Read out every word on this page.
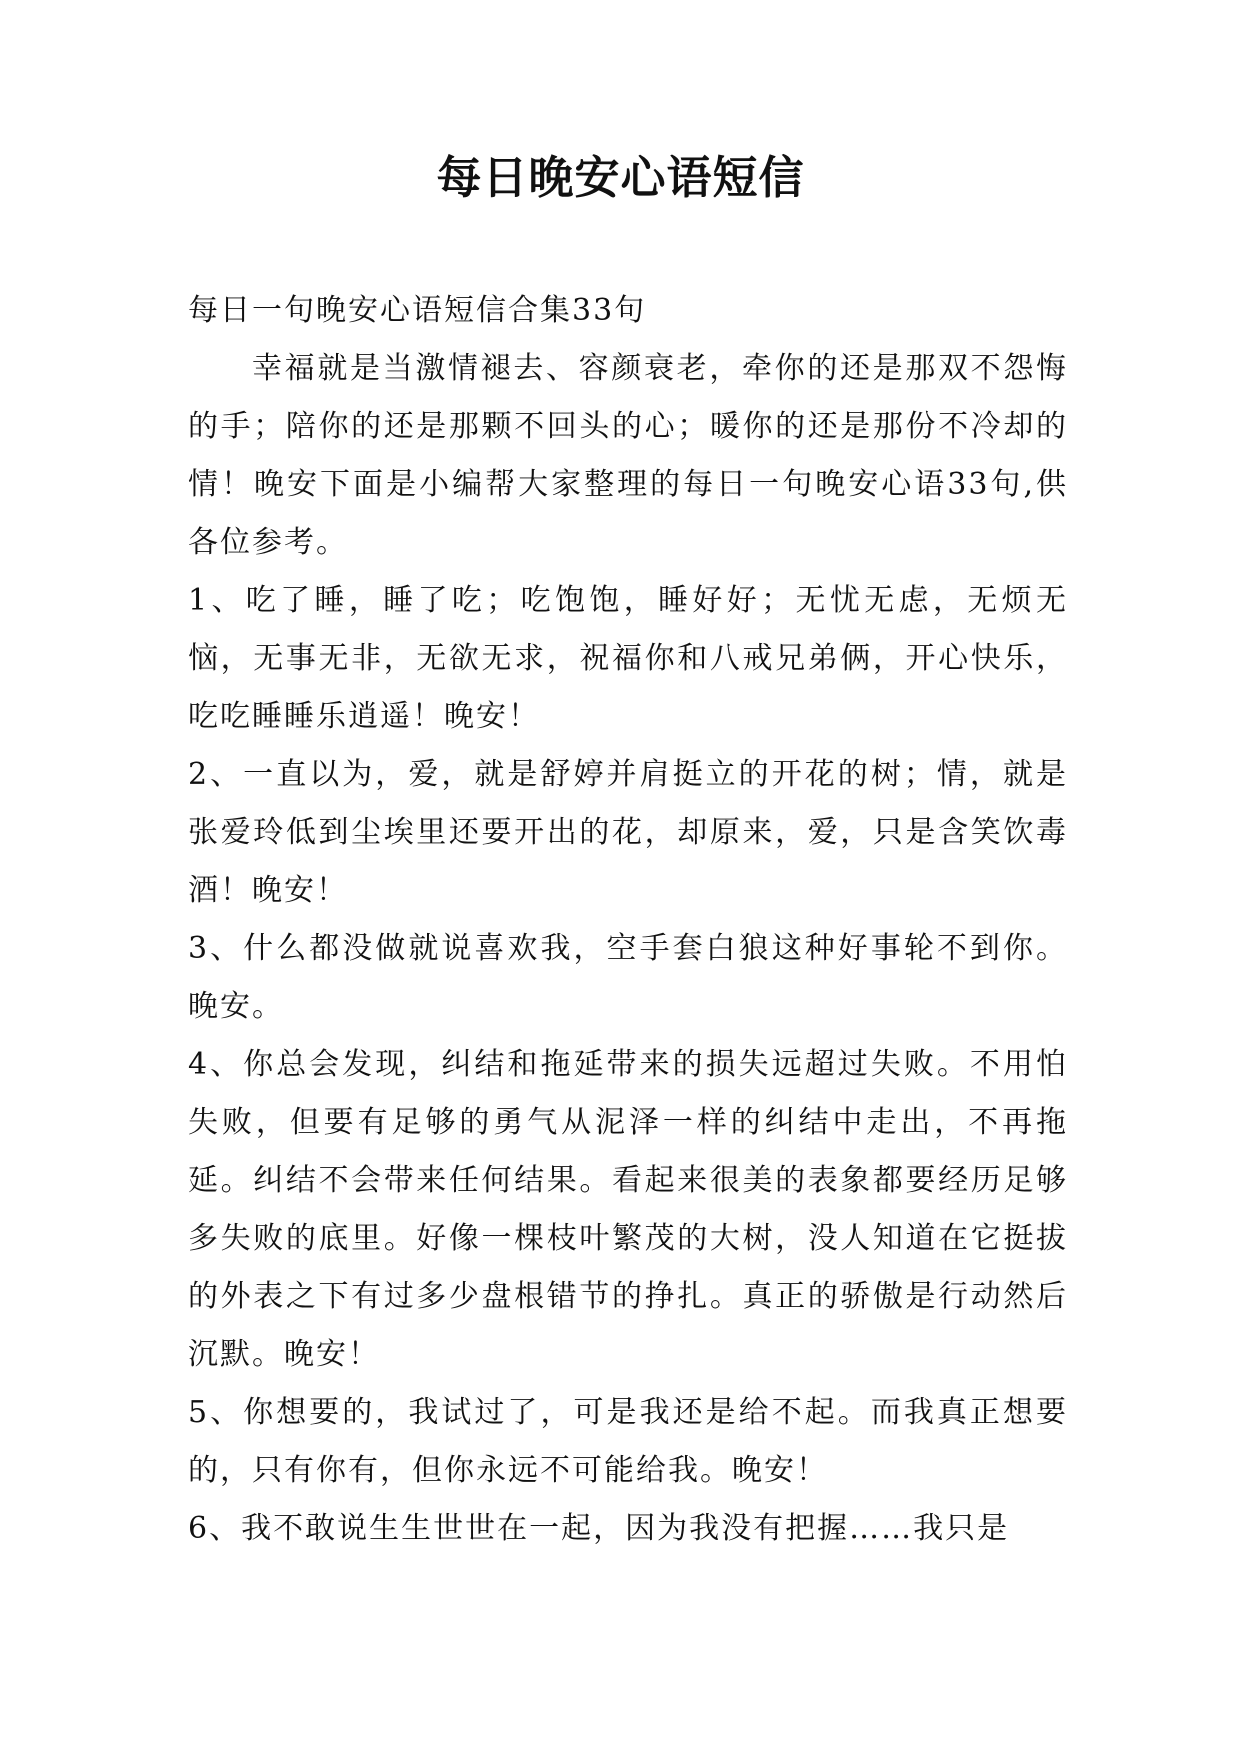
每日晚安心语短信

每日一句晚安心语短信合集33句

幸福就是当激情褪去、容颜衰老，牵你的还是那双不怨悔的手；陪你的还是那颗不回头的心；暖你的还是那份不冷却的情！晚安下面是小编帮大家整理的每日一句晚安心语33句,供各位参考。

1、吃了睡，睡了吃；吃饱饱，睡好好；无忧无虑，无烦无恼，无事无非，无欲无求，祝福你和八戒兄弟俩，开心快乐，吃吃睡睡乐逍遥！晚安！

2、一直以为，爱，就是舒婷并肩挺立的开花的树；情，就是张爱玲低到尘埃里还要开出的花，却原来，爱，只是含笑饮毒酒！晚安！

3、什么都没做就说喜欢我，空手套白狼这种好事轮不到你。晚安。

4、你总会发现，纠结和拖延带来的损失远超过失败。不用怕失败，但要有足够的勇气从泥泽一样的纠结中走出，不再拖延。纠结不会带来任何结果。看起来很美的表象都要经历足够多失败的底里。好像一棵枝叶繁茂的大树，没人知道在它挺拔的外表之下有过多少盘根错节的挣扎。真正的骄傲是行动然后沉默。晚安！

5、你想要的，我试过了，可是我还是给不起。而我真正想要的，只有你有，但你永远不可能给我。晚安！

6、我不敢说生生世世在一起，因为我没有把握……我只是
